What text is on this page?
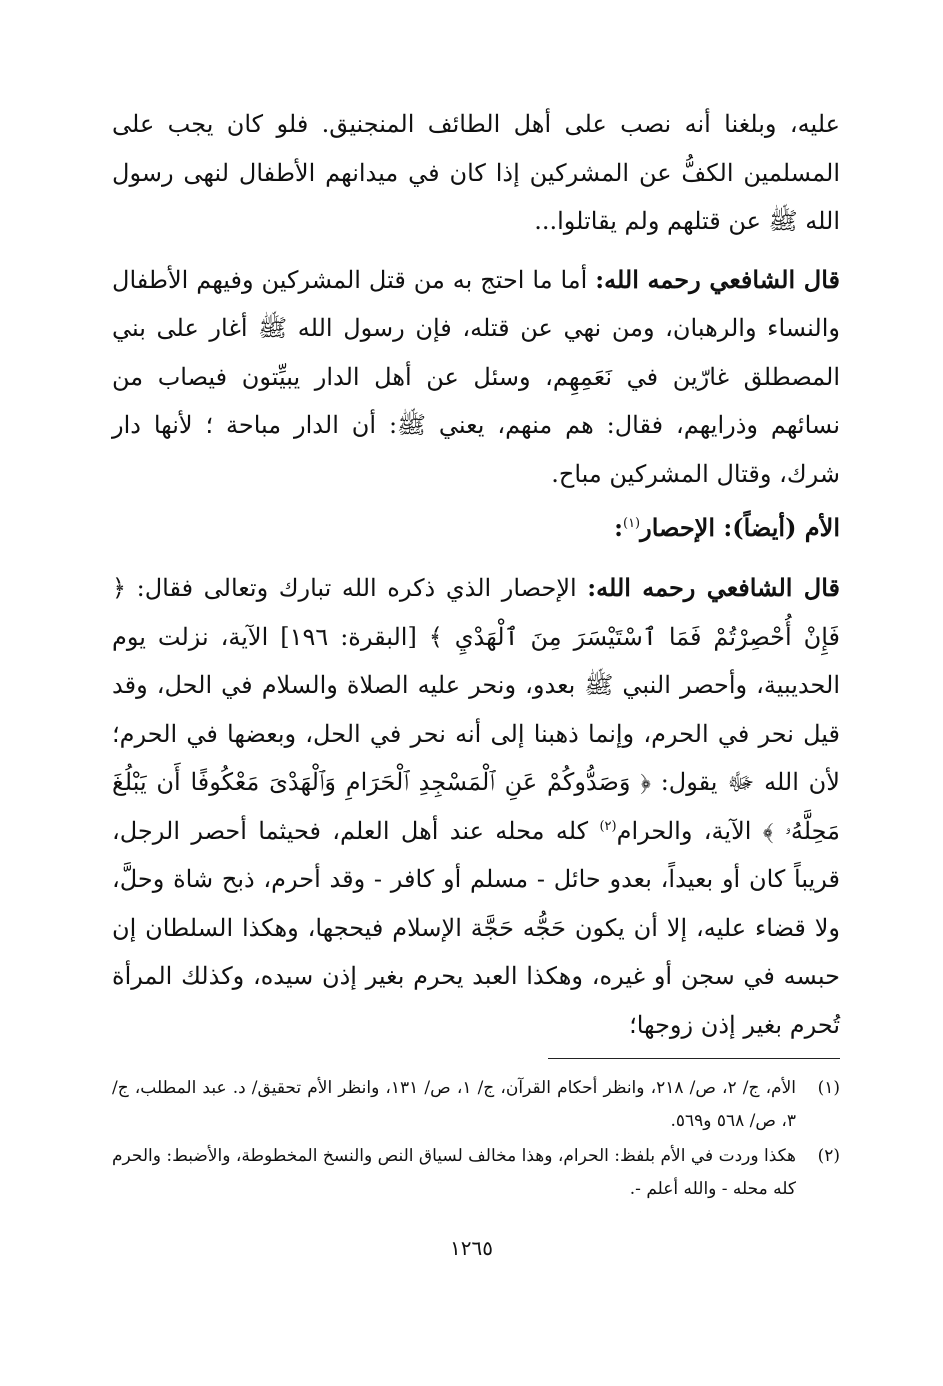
عليه، وبلغنا أنه نصب على أهل الطائف المنجنيق. فلو كان يجب على المسلمين الكفُّ عن المشركين إذا كان في ميدانهم الأطفال لنهى رسول الله ﷺ عن قتلهم ولم يقاتلوا...

قال الشافعي رحمه الله: أما ما احتج به من قتل المشركين وفيهم الأطفال والنساء والرهبان، ومن نهي عن قتله، فإن رسول الله ﷺ أغار على بني المصطلق غارّين في نَعَمِهِم، وسئل عن أهل الدار يبيِّتون فيصاب من نسائهم وذرايهم، فقال: هم منهم، يعني ﷺ: أن الدار مباحة ؛ لأنها دار شرك، وقتال المشركين مباح.

الأم (أيضاً): الإحصار$^{(١)}$:

قال الشافعي رحمه الله: الإحصار الذي ذكره الله تبارك وتعالى فقال: ﴿ فَإِنْ أُحْصِرْتُمْ فَمَا ٱسْتَيْسَرَ مِنَ ٱلْهَدْيِ ﴾ [البقرة: ١٩٦] الآية، نزلت يوم الحديبية، وأحصر النبي ﷺ بعدو، ونحر عليه الصلاة والسلام في الحل، وقد قيل نحر في الحرم، وإنما ذهبنا إلى أنه نحر في الحل، وبعضها في الحرم؛ لأن الله ﷻ يقول: ﴿ وَصَدُّوكُمْ عَنِ ٱلْمَسْجِدِ ٱلْحَرَامِ وَٱلْهَدْىَ مَعْكُوفًا أَن يَبْلُغَ مَحِلَّهُۥ ﴾ الآية، والحرام$^{(٢)}$ كله محله عند أهل العلم، فحيثما أحصر الرجل، قريباً كان أو بعيداً، بعدو حائل - مسلم أو كافر - وقد أحرم، ذبح شاة وحلَّ، ولا قضاء عليه، إلا أن يكون حَجُّه حَجَّة الإسلام فيحجها، وهكذا السلطان إن حبسه في سجن أو غيره، وهكذا العبد يحرم بغير إذن سيده، وكذلك المرأة تُحرم بغير إذن زوجها؛

(١)
الأم، ج/ ٢، ص/ ٢١٨، وانظر أحكام القرآن، ج/ ١، ص/ ١٣١، وانظر الأم تحقيق/ د. عبد المطلب، ج/ ٣، ص/ ٥٦٨ و٥٦٩.
(٢)
هكذا وردت في الأم بلفظ: الحرام، وهذا مخالف لسياق النص والنسخ المخطوطة، والأضبط: والحرم كله محله - والله أعلم -.
١٢٦٥
